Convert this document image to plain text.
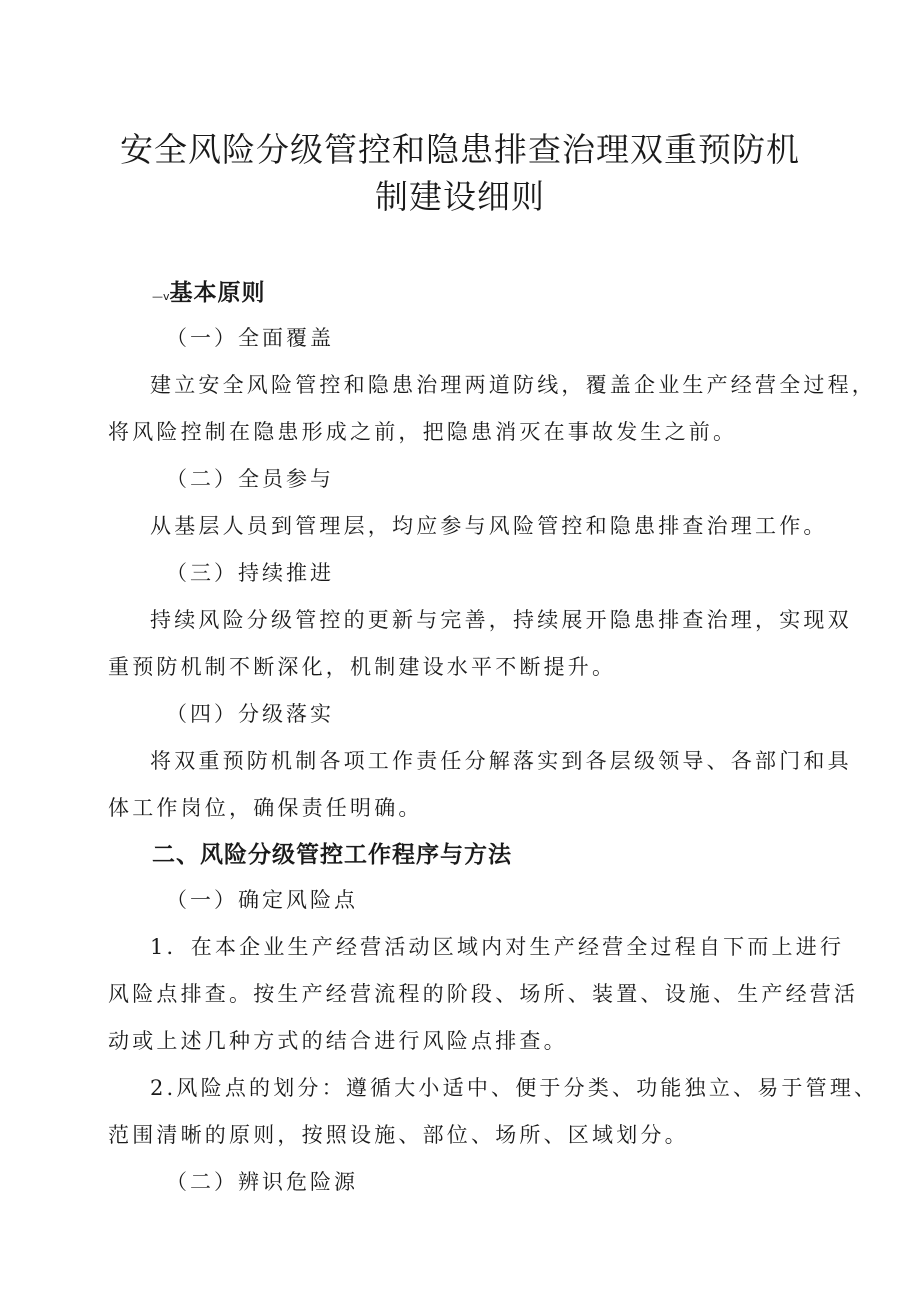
安全风险分级管控和隐患排查治理双重预防机
制建设细则
—v基本原则
（一）全面覆盖
建立安全风险管控和隐患治理两道防线，覆盖企业生产经营全过程，
将风险控制在隐患形成之前，把隐患消灭在事故发生之前。
（二）全员参与
从基层人员到管理层，均应参与风险管控和隐患排查治理工作。
（三）持续推进
持续风险分级管控的更新与完善，持续展开隐患排查治理，实现双
重预防机制不断深化，机制建设水平不断提升。
（四）分级落实
将双重预防机制各项工作责任分解落实到各层级领导、各部门和具
体工作岗位，确保责任明确。
二、风险分级管控工作程序与方法
（一）确定风险点
1．在本企业生产经营活动区域内对生产经营全过程自下而上进行
风险点排查。按生产经营流程的阶段、场所、装置、设施、生产经营活
动或上述几种方式的结合进行风险点排查。
2.风险点的划分：遵循大小适中、便于分类、功能独立、易于管理、
范围清晰的原则，按照设施、部位、场所、区域划分。
（二）辨识危险源
